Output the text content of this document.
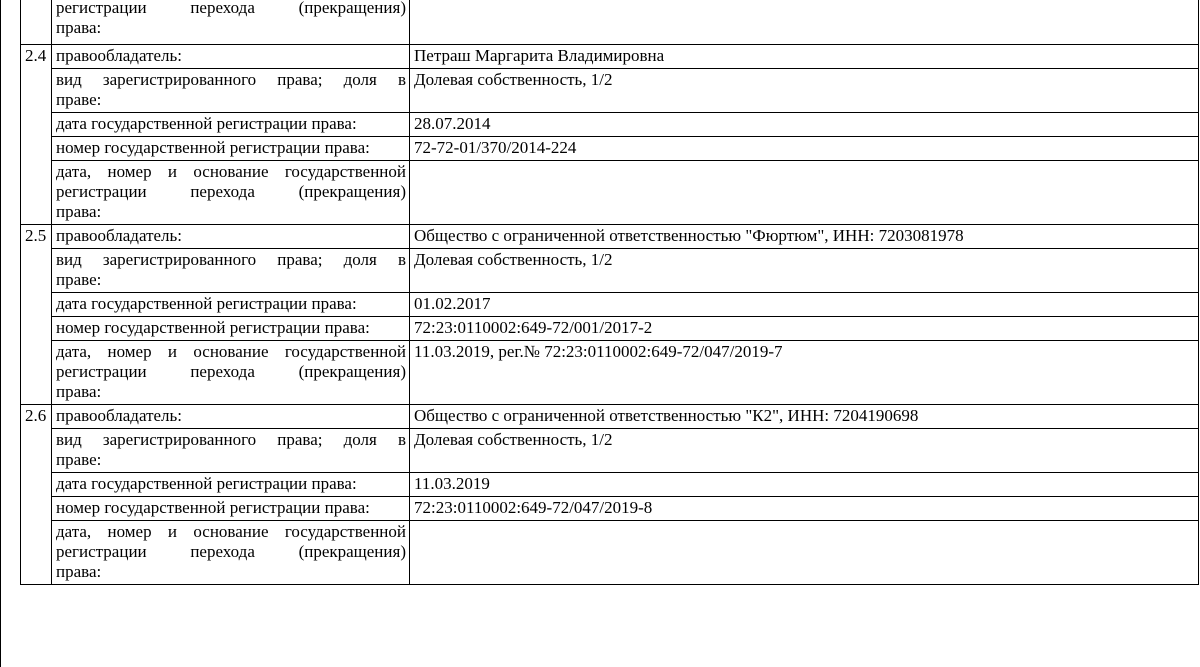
	регистрации перехода (прекращения)
права:	

2.4	правообладатель:	Петраш Маргарита Владимировна

	вид зарегистрированного права; доля в
праве:	Долевая собственность, 1/2
	дата государственной регистрации права:	28.07.2014
	номер государственной регистрации права:	72-72-01/370/2014-224

	дата, номер и основание государственной
регистрации перехода (прекращения)
права:	

2.5	правообладатель:	Общество с ограниченной ответственностью "Фюртюм", ИНН: 7203081978

	вид зарегистрированного права; доля в
праве:	Долевая собственность, 1/2
	дата государственной регистрации права:	01.02.2017
	номер государственной регистрации права:	72:23:0110002:649-72/001/2017-2

	дата, номер и основание государственной
регистрации перехода (прекращения)
права:	11.03.2019, рег.№ 72:23:0110002:649-72/047/2019-7
2.6	правообладатель:	Общество с ограниченной ответственностью "К2", ИНН: 7204190698

	вид зарегистрированного права; доля в
праве:	Долевая собственность, 1/2
	дата государственной регистрации права:	11.03.2019
	номер государственной регистрации права:	72:23:0110002:649-72/047/2019-8

	дата, номер и основание государственной
регистрации перехода (прекращения)
права:	
